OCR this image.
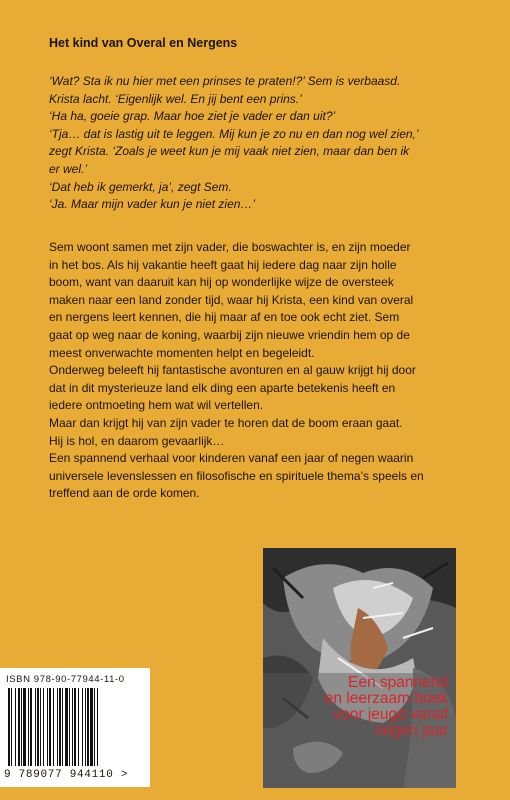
Het kind van Overal en Nergens

‘Wat? Sta ik nu hier met een prinses te praten!?’ Sem is verbaasd.

Krista lacht. ‘Eigenlijk wel. En jij bent een prins.’

‘Ha ha, goeie grap. Maar hoe ziet je vader er dan uit?’

‘Tja… dat is lastig uit te leggen. Mij kun je zo nu en dan nog wel zien,’

zegt Krista. ‘Zoals je weet kun je mij vaak niet zien, maar dan ben ik

er wel.’

‘Dat heb ik gemerkt, ja’, zegt Sem.

‘Ja. Maar mijn vader kun je niet zien…’

Sem woont samen met zijn vader, die boswachter is, en zijn moeder

in het bos. Als hij vakantie heeft gaat hij iedere dag naar zijn holle

boom, want van daaruit kan hij op wonderlijke wijze de oversteek

maken naar een land zonder tijd, waar hij Krista, een kind van overal

en nergens leert kennen, die hij maar af en toe ook echt ziet. Sem

gaat op weg naar de koning, waarbij zijn nieuwe vriendin hem op de

meest onverwachte momenten helpt en begeleidt.

Onderweg beleeft hij fantastische avonturen en al gauw krijgt hij door

dat in dit mysterieuze land elk ding een aparte betekenis heeft en

iedere ontmoeting hem wat wil vertellen.

Maar dan krijgt hij van zijn vader te horen dat de boom eraan gaat.

Hij is hol, en daarom gevaarlijk…

Een spannend verhaal voor kinderen vanaf een jaar of negen waarin

universele levenslessen en filosofische en spirituele thema’s speels en

treffend aan de orde komen.

ISBN 978-90-77944-11-0
9 789077 944110 >
Een spannend
en leerzaam boek
voor jeugd vanaf
negen jaar
